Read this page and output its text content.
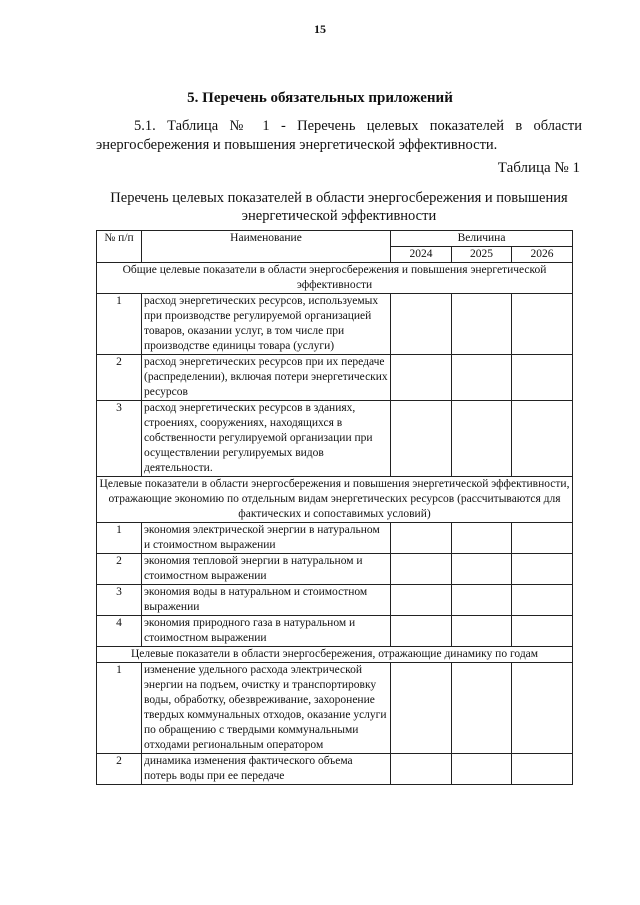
15
5. Перечень обязательных приложений
5.1. Таблица № 1 - Перечень целевых показателей в области энергосбережения и повышения энергетической эффективности.
Таблица № 1
Перечень целевых показателей в области энергосбережения и повышения энергетической эффективности
№ п/п	Наименование	Величина		
		2024	2025	2026
Общие целевые показатели в области энергосбережения и повышения энергетической эффективности				
1	расход энергетических ресурсов, используемых при производстве регулируемой организацией товаров, оказании услуг, в том числе при производстве единицы товара (услуги)			
2	расход энергетических ресурсов при их передаче (распределении), включая потери энергетических ресурсов			
3	расход энергетических ресурсов в зданиях, строениях, сооружениях, находящихся в собственности регулируемой организации при осуществлении регулируемых видов деятельности.			
Целевые показатели в области энергосбережения и повышения энергетической эффективности, отражающие экономию по отдельным видам энергетических ресурсов (рассчитываются для фактических и сопоставимых условий)				
1	экономия электрической энергии в натуральном и стоимостном выражении			
2	экономия тепловой энергии в натуральном и стоимостном выражении			
3	экономия воды в натуральном и стоимостном выражении			
4	экономия природного газа в натуральном и стоимостном выражении			
Целевые показатели в области энергосбережения, отражающие динамику по годам				
1	изменение удельного расхода электрической энергии на подъем, очистку и транспортировку воды, обработку, обезвреживание, захоронение твердых коммунальных отходов, оказание услуги по обращению с твердыми коммунальными отходами региональным оператором			
2	динамика изменения фактического объема потерь воды при ее передаче			
